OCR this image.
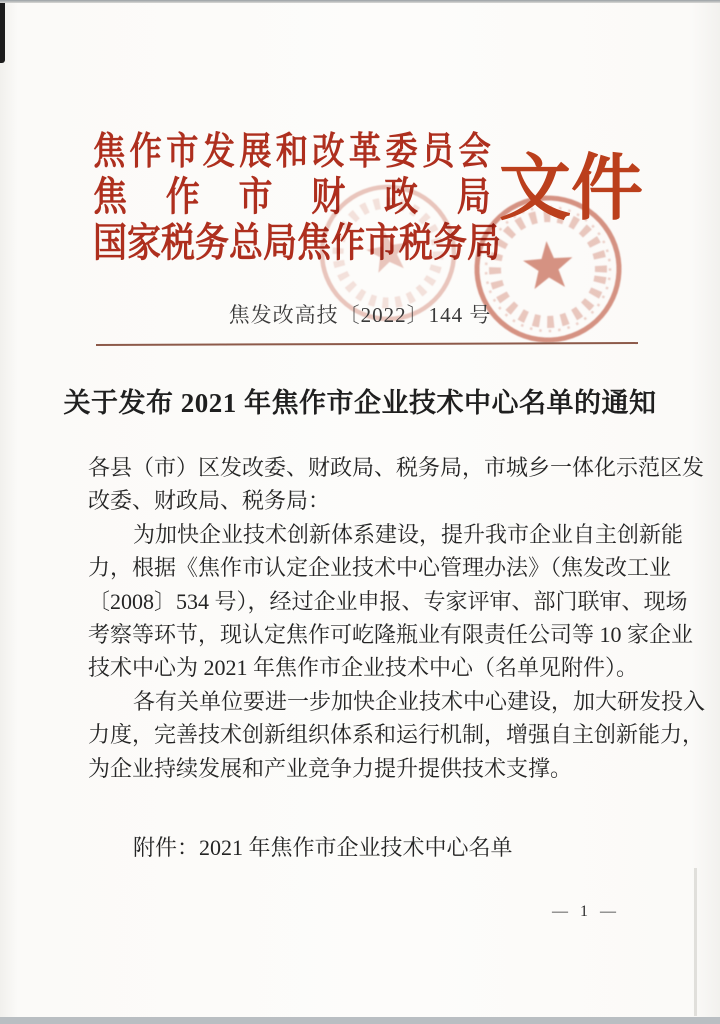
焦作市发展和改革委员会
焦作市财政局
国家税务总局焦作市税务局
文件
焦发改高技〔2022〕144 号
关于发布 2021 年焦作市企业技术中心名单的通知
各县（市）区发改委、财政局、税务局，市城乡一体化示范区发
改委、财政局、税务局：
为加快企业技术创新体系建设，提升我市企业自主创新能
力，根据《焦作市认定企业技术中心管理办法》（焦发改工业
〔2008〕534 号），经过企业申报、专家评审、部门联审、现场
考察等环节，现认定焦作可屹隆瓶业有限责任公司等 10 家企业
技术中心为 2021 年焦作市企业技术中心（名单见附件）。
各有关单位要进一步加快企业技术中心建设，加大研发投入
力度，完善技术创新组织体系和运行机制，增强自主创新能力，
为企业持续发展和产业竞争力提升提供技术支撑。
附件：2021 年焦作市企业技术中心名单
— 1 —
